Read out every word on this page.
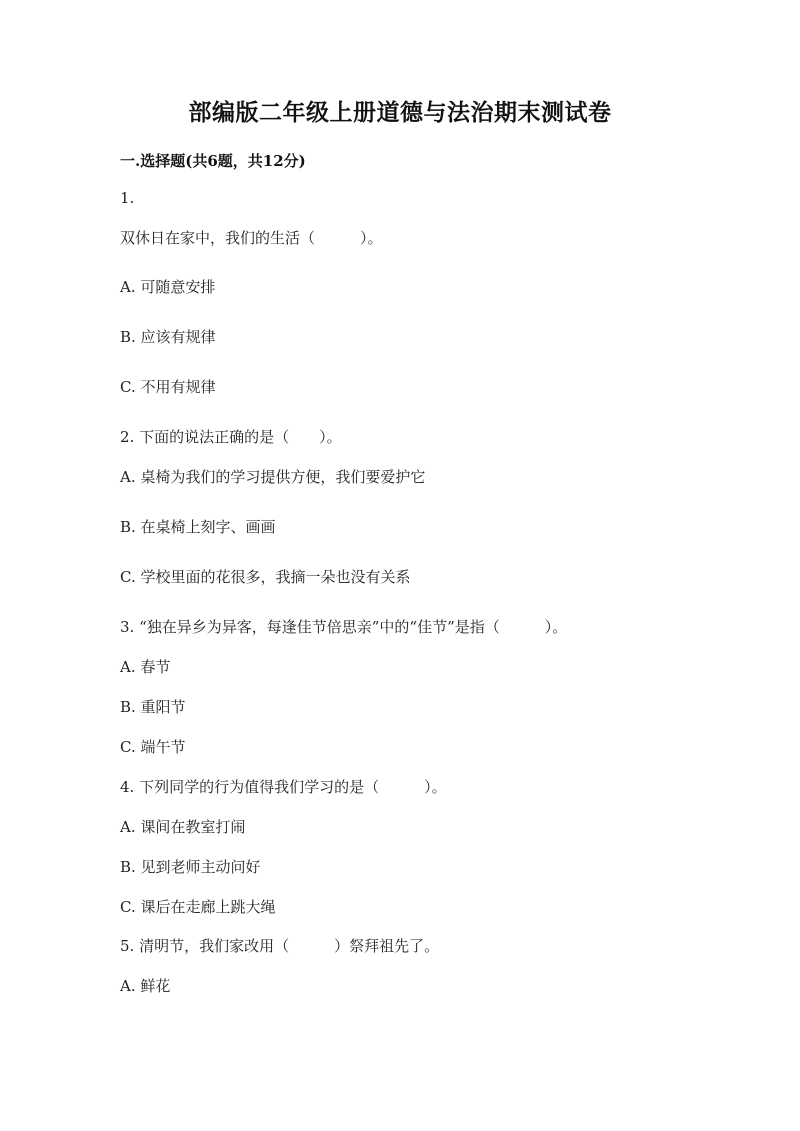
部编版二年级上册道德与法治期末测试卷
一.选择题(共6题，共12分)
1.
双休日在家中，我们的生活（　　　）。
A. 可随意安排
B. 应该有规律
C. 不用有规律
2. 下面的说法正确的是（　　）。
A. 桌椅为我们的学习提供方便，我们要爱护它
B. 在桌椅上刻字、画画
C. 学校里面的花很多，我摘一朵也没有关系
3. “独在异乡为异客，每逢佳节倍思亲”中的“佳节”是指（　　　）。
A. 春节
B. 重阳节
C. 端午节
4. 下列同学的行为值得我们学习的是（　　　）。
A. 课间在教室打闹
B. 见到老师主动问好
C. 课后在走廊上跳大绳
5. 清明节，我们家改用（　　　）祭拜祖先了。
A. 鲜花
